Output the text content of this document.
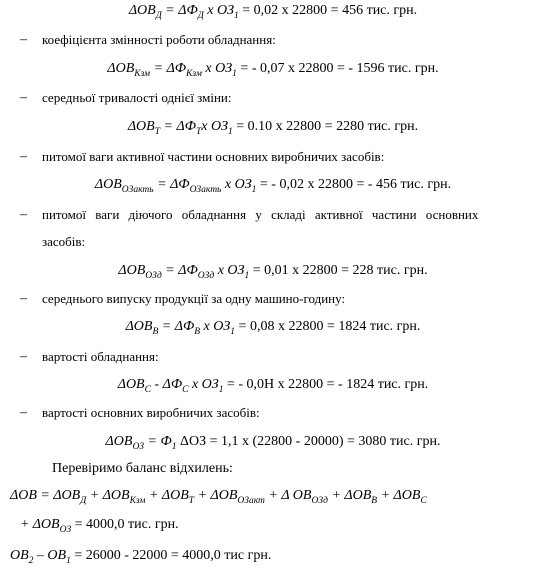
$\Delta ОВ_Д = \Delta Ф_Д$ х $ОЗ_1 = 0,02$ х 22800 = 456 тис. грн.
–	коефіцієнта змінності роботи обладнання:
$\Delta ОВ_{Кзм} = \Delta Ф_{Кзм}$ х $ОЗ_1$ = - 0,07 х 22800 = - 1596 тис. грн.
–	середньої тривалості однієї зміни:
$\Delta ОВ_Т = \Delta Ф_Тх$ $ОЗ_1 = 0.10$ х 22800 = 2280 тис. грн.
–	питомої ваги активної частини основних виробничих засобів:
$\Delta ОВ_{ОЗакть} = \Delta Ф_{ОЗакть}$ х $ОЗ_1$ = - 0,02 х 22800 = - 456 тис. грн.
–	питомої ваги діючого обладнання у складі активної частини основних
засобів:
$\Delta ОВ_{ОЗд} = \Delta Ф_{ОЗд}$ х $ОЗ_1 = 0,01$ х 22800 = 228 тис. грн.
–	середнього випуску продукції за одну машино-годину:
$\Delta ОВ_В = \Delta Ф_В$ х $ОЗ_1 = 0,08$ х 22800 = 1824 тис. грн.
–	вартості обладнання:
$\Delta ОВ_С - \Delta Ф_С$ х $ОЗ_1$ = - 0,0Н х 22800 = - 1824 тис. грн.
–	вартості основних виробничих засобів:
$\Delta ОВ_{ОЗ} = Ф_1$ ΔОЗ = 1,1 х (22800 - 20000) = 3080 тис. грн.
Перевіримо баланс відхилень:
$\Delta ОВ = \Delta ОВ_Д + \Delta ОВ_{Кзм} + \Delta ОВ_Т + \Delta ОВ_{ОЗакт} + \Delta$ $ОВ_{ОЗд} + \Delta ОВ_В + \Delta ОВ_С$
+ $\Delta ОВ_{ОЗ} = 4000,0$ тис. грн.
$ОВ_2 - ОВ_1 = 26000 - 22000 = 4000,0$ тис грн.
